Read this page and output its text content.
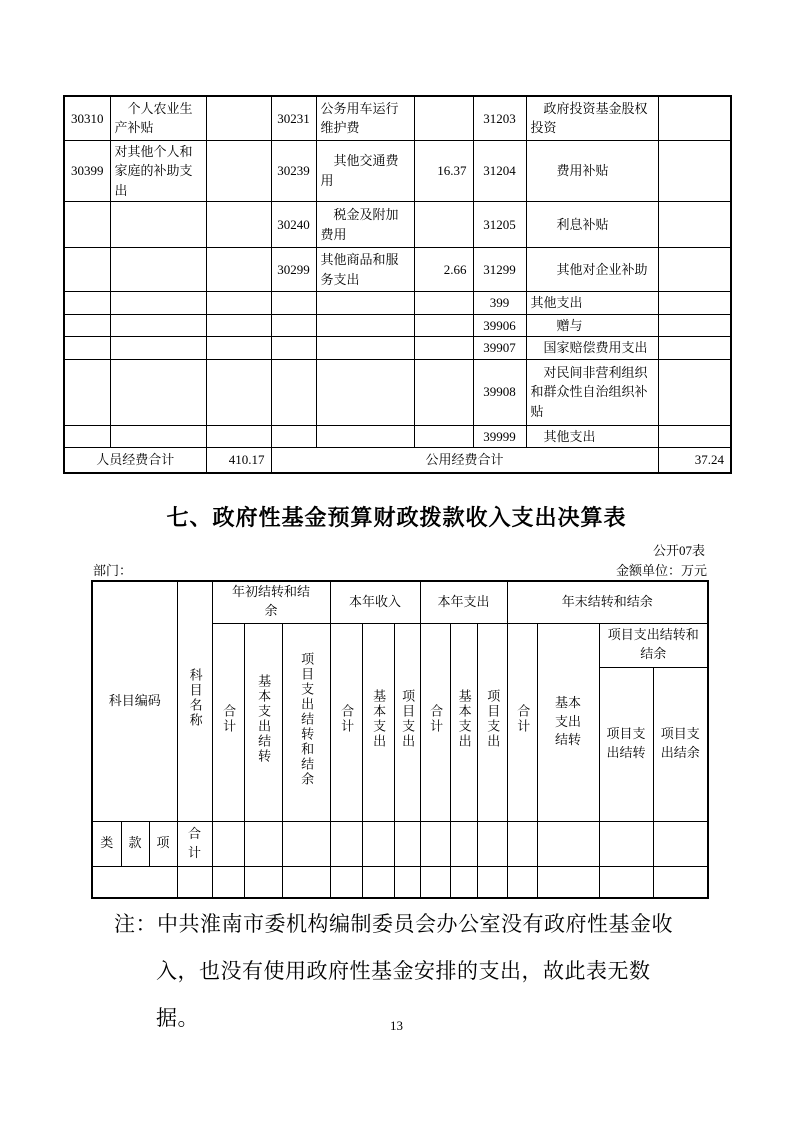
30310	　个人农业生产补贴		30231	公务用车运行维护费		31203	　政府投资基金股权投资	
30399	对其他个人和家庭的补助支出		30239	　其他交通费用	16.37	31204	　　费用补贴	
			30240	　税金及附加费用		31205	　　利息补贴	
			30299	其他商品和服务支出	2.66	31299	　　其他对企业补助	
						399	其他支出	
						39906	　　赠与	
						39907	　国家赔偿费用支出	
						39908	　对民间非营利组织和群众性自治组织补贴	
						39999	　其他支出	
人员经费合计		410.17	公用经费合计					37.24
七、政府性基金预算财政拨款收入支出决算表
公开07表
部门：	金额单位：万元
科目编码			科目名称	年初结转和结余			本年收入			本年支出			年末结转和结余			
				合计	基本支出结转	项目支出结转和结余	合计	基本支出	项目支出	合计	基本支出	项目支出	合计	基本支出结转	项目支出结转和结余	
															项目支出结转	项目支出结余
类	款	项	合计													

注：中共淮南市委机构编制委员会办公室没有政府性基金收入，也没有使用政府性基金安排的支出，故此表无数据。	13
